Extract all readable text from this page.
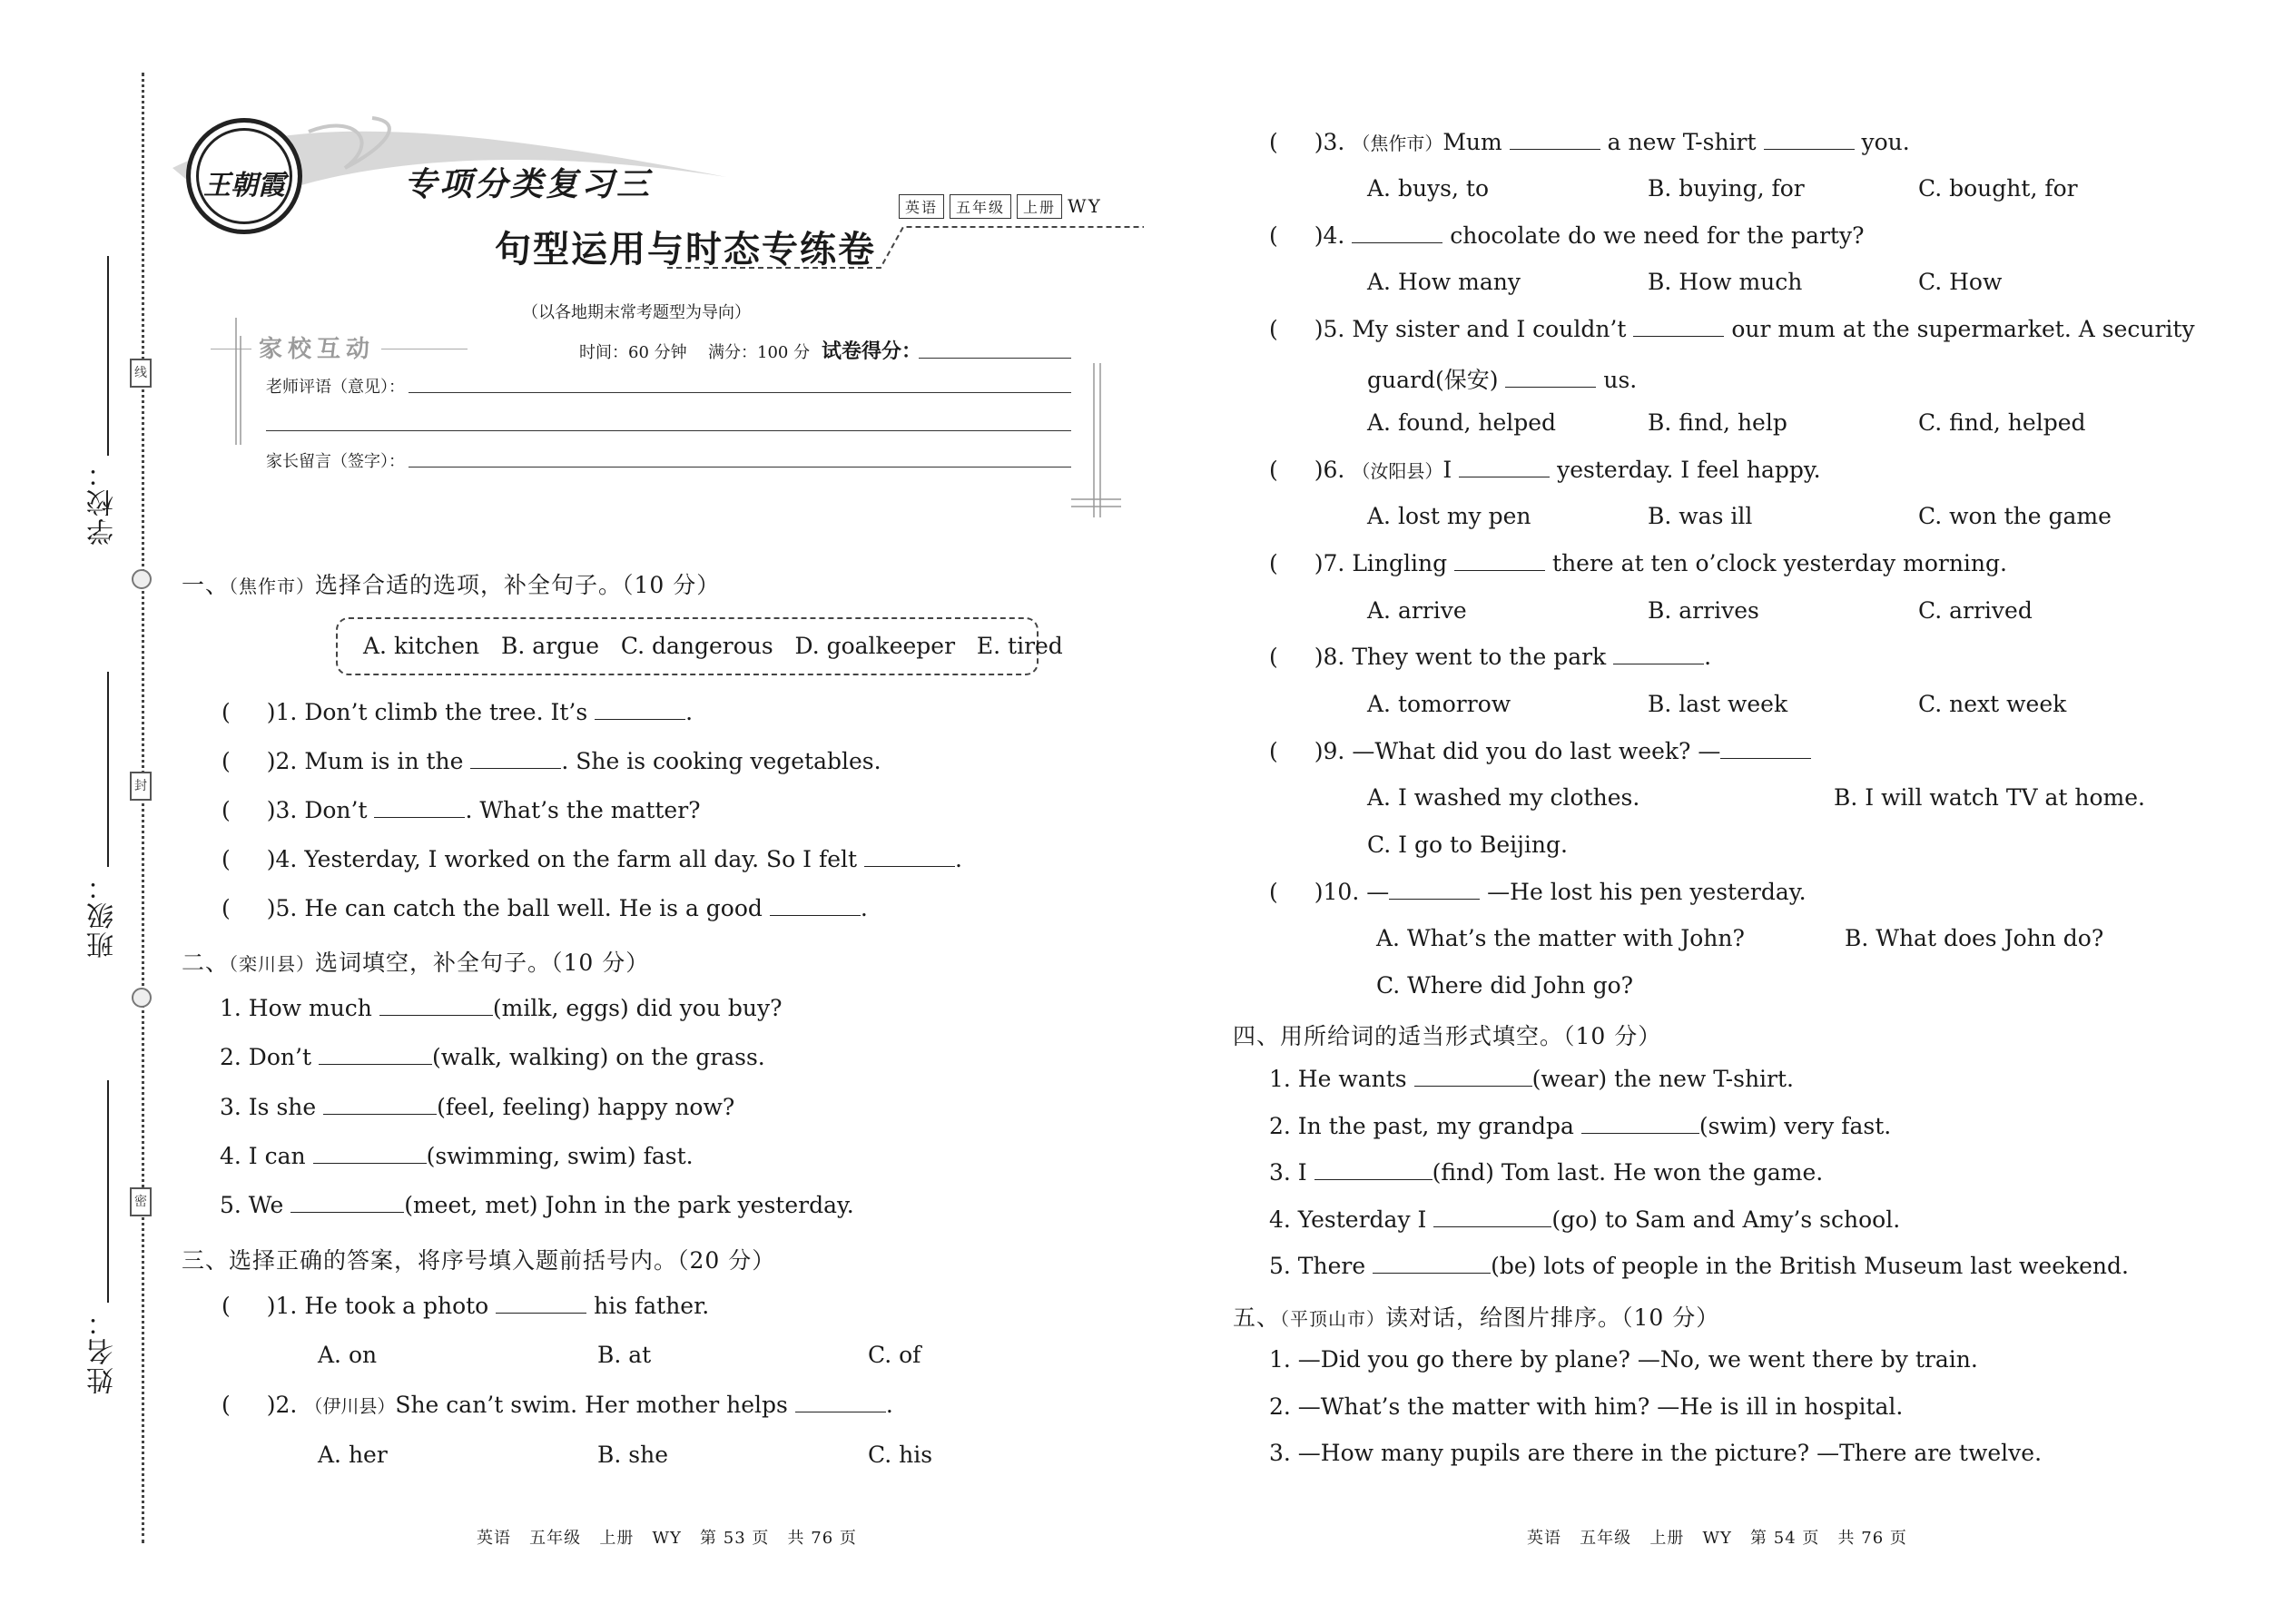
线
封
密
学校：
班级：
姓名：
王朝霞	专项分类复习三
句型运用与时态专练卷
英语 五年级 上册 WY
（以各地期末常考题型为导向）
家校互动	时间：60 分钟 满分：100 分 试卷得分：
老师评语（意见）：
家长留言（签字）：
一、（焦作市）选择合适的选项，补全句子。（10 分）
A. kitchen   B. argue   C. dangerous   D. goalkeeper   E. tired
( )1. Don’t climb the tree. It’s	.
( )2. Mum is in the	. She is cooking vegetables.
( )3. Don’t	. What’s the matter?
( )4. Yesterday, I worked on the farm all day. So I felt	.
( )5. He can catch the ball well. He is a good	.
二、（栾川县）选词填空，补全句子。（10 分）
1. How much	(milk, eggs) did you buy?
2. Don’t	(walk, walking) on the grass.
3. Is she	(feel, feeling) happy now?
4. I can	(swimming, swim) fast.
5. We	(meet, met) John in the park yesterday.
三、选择正确的答案，将序号填入题前括号内。（20 分）
( )1. He took a photo	his father.
A. on	B. at	C. of
( )2. （伊川县）She can’t swim. Her mother helps	.
A. her	B. she	C. his
英语   五年级   上册   WY   第 53 页   共 76 页
( )3. （焦作市）Mum	a new T-shirt	you.
A. buys, to	B. buying, for	C. bought, for
( )4.	chocolate do we need for the party?
A. How many	B. How much	C. How
( )5. My sister and I couldn’t	our mum at the supermarket. A security
guard(保安)	us.
A. found, helped	B. find, help	C. find, helped
( )6. （汝阳县）I	yesterday. I feel happy.
A. lost my pen	B. was ill	C. won the game
( )7. Lingling	there at ten o’clock yesterday morning.
A. arrive	B. arrives	C. arrived
( )8. They went to the park	.
A. tomorrow	B. last week	C. next week
( )9. —What did you do last week? —
A. I washed my clothes.	B. I will watch TV at home.
C. I go to Beijing.
( )10. —	—He lost his pen yesterday.
A. What’s the matter with John?	B. What does John do?
C. Where did John go?
四、用所给词的适当形式填空。（10 分）
1. He wants	(wear) the new T-shirt.
2. In the past, my grandpa	(swim) very fast.
3. I	(find) Tom last. He won the game.
4. Yesterday I	(go) to Sam and Amy’s school.
5. There	(be) lots of people in the British Museum last weekend.
五、（平顶山市）读对话，给图片排序。（10 分）
1. —Did you go there by plane? —No, we went there by train.
2. —What’s the matter with him? —He is ill in hospital.
3. —How many pupils are there in the picture? —There are twelve.
英语   五年级   上册   WY   第 54 页   共 76 页
